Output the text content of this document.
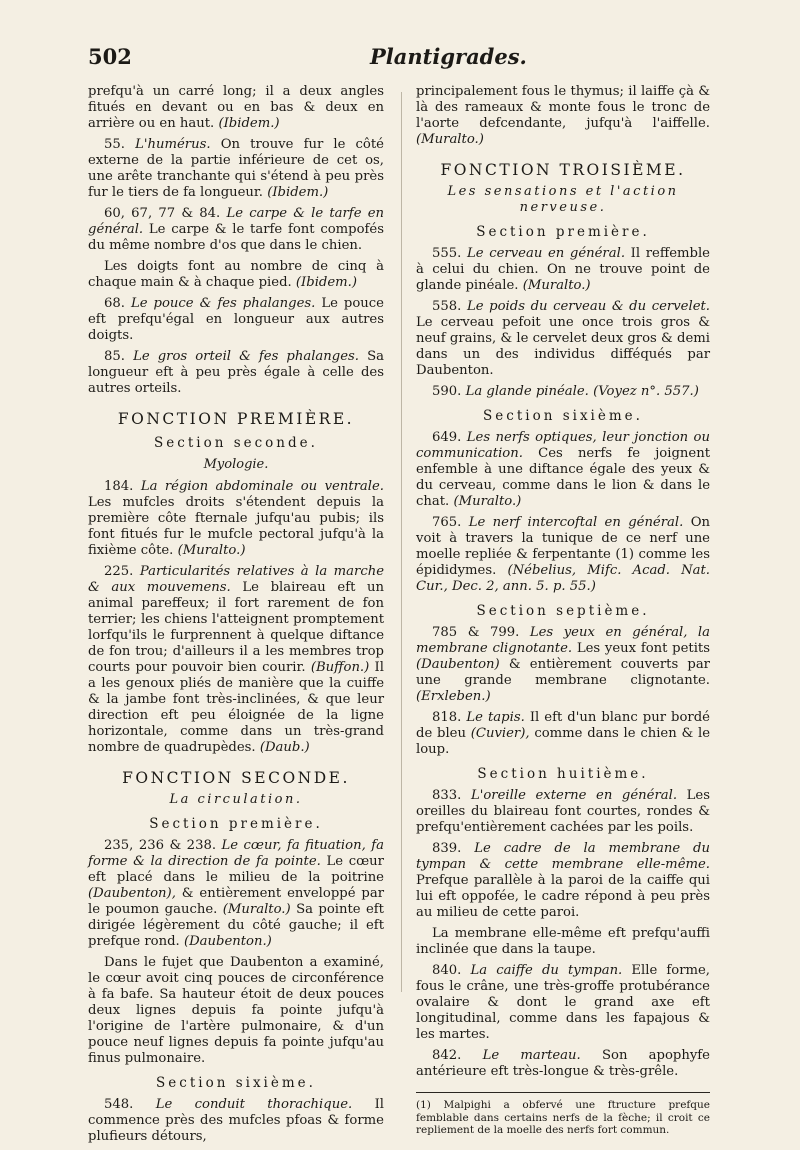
502	Plantigrades.

prefqu'à un carré long; il a deux angles fitués en devant ou en bas & deux en arrière ou en haut. (Ibidem.)

55. L'humérus. On trouve fur le côté externe de la partie inférieure de cet os, une arête tranchante qui s'étend à peu près fur le tiers de fa longueur. (Ibidem.)

60, 67, 77 & 84. Le carpe & le tarfe en général. Le carpe & le tarfe font compofés du même nombre d'os que dans le chien.

Les doigts font au nombre de cinq à chaque main & à chaque pied. (Ibidem.)

68. Le pouce & fes phalanges. Le pouce eft prefqu'égal en longueur aux autres doigts.

85. Le gros orteil & fes phalanges. Sa longueur eft à peu près égale à celle des autres orteils.

FONCTION PREMIÈRE.
Section seconde.
Myologie.

184. La région abdominale ou ventrale. Les mufcles droits s'étendent depuis la première côte fternale jufqu'au pubis; ils font fitués fur le mufcle pectoral jufqu'à la fixième côte. (Muralto.)

225. Particularités relatives à la marche & aux mouvemens. Le blaireau eft un animal pareffeux; il fort rarement de fon terrier; les chiens l'atteignent promptement lorfqu'ils le furprennent à quelque diftance de fon trou; d'ailleurs il a les membres trop courts pour pouvoir bien courir. (Buffon.) Il a les genoux pliés de manière que la cuiffe & la jambe font très-inclinées, & que leur direction eft peu éloignée de la ligne horizontale, comme dans un très-grand nombre de quadrupèdes. (Daub.)

FONCTION SECONDE.
La circulation.
Section première.

235, 236 & 238. Le cœur, fa fituation, fa forme & la direction de fa pointe. Le cœur eft placé dans le milieu de la poitrine (Daubenton), & entièrement enveloppé par le poumon gauche. (Muralto.) Sa pointe eft dirigée légèrement du côté gauche; il eft prefque rond. (Daubenton.)

Dans le fujet que Daubenton a examiné, le cœur avoit cinq pouces de circonférence à fa bafe. Sa hauteur étoit de deux pouces deux lignes depuis fa pointe jufqu'à l'origine de l'artère pulmonaire, & d'un pouce neuf lignes depuis fa pointe jufqu'au finus pulmonaire.

Section sixième.

548. Le conduit thorachique. Il commence près des mufcles pfoas & forme plufieurs détours,

principalement fous le thymus; il laiffe çà & là des rameaux & monte fous le tronc de l'aorte defcendante, jufqu'à l'aiffelle. (Muralto.)

FONCTION TROISIÈME.
Les sensations et l'action nerveuse.
Section première.

555. Le cerveau en général. Il reffemble à celui du chien. On ne trouve point de glande pinéale. (Muralto.)

558. Le poids du cerveau & du cervelet. Le cerveau pefoit une once trois gros & neuf grains, & le cervelet deux gros & demi dans un des individus difféqués par Daubenton.

590. La glande pinéale. (Voyez n°. 557.)

Section sixième.

649. Les nerfs optiques, leur jonction ou communication. Ces nerfs fe joignent enfemble à une diftance égale des yeux & du cerveau, comme dans le lion & dans le chat. (Muralto.)

765. Le nerf intercoftal en général. On voit à travers la tunique de ce nerf une moelle repliée & ferpentante (1) comme les épididymes. (Nébelius, Mifc. Acad. Nat. Cur., Dec. 2, ann. 5. p. 55.)

Section septième.

785 & 799. Les yeux en général, la membrane clignotante. Les yeux font petits (Daubenton) & entièrement couverts par une grande membrane clignotante. (Erxleben.)

818. Le tapis. Il eft d'un blanc pur bordé de bleu (Cuvier), comme dans le chien & le loup.

Section huitième.

833. L'oreille externe en général. Les oreilles du blaireau font courtes, rondes & prefqu'entièrement cachées par les poils.

839. Le cadre de la membrane du tympan & cette membrane elle-même. Prefque parallèle à la paroi de la caiffe qui lui eft oppofée, le cadre répond à peu près au milieu de cette paroi.

La membrane elle-même eft prefqu'auffi inclinée que dans la taupe.

840. La caiffe du tympan. Elle forme, fous le crâne, une très-groffe protubérance ovalaire & dont le grand axe eft longitudinal, comme dans les fapajous & les martes.

842. Le marteau. Son apophyfe antérieure eft très-longue & très-grêle.

(1) Malpighi a obfervé une ftructure prefque femblable dans certains nerfs de la fèche; il croit ce repliement de la moelle des nerfs fort commun.
